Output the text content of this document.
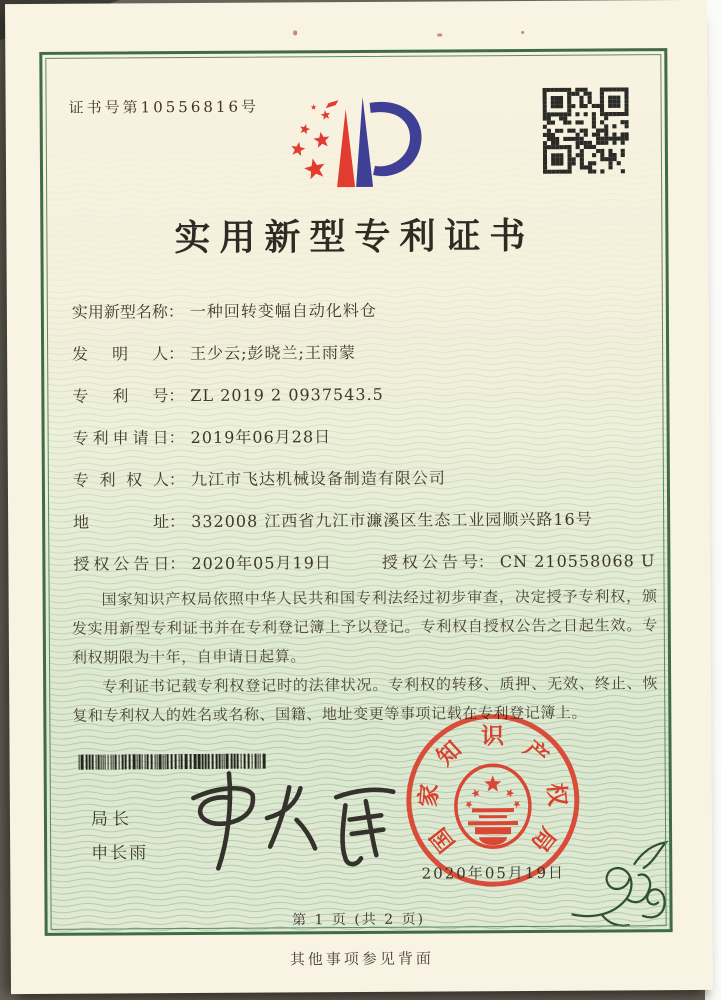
证书号第10556816号
实用新型专利证书
实用新型名称： 一种回转变幅自动化料仓
发明人： 王少云;彭晓兰;王雨蒙
专利号： ZL 2019 2 0937543.5
专利申请日： 2019年06月28日
专利权人： 九江市飞达机械设备制造有限公司
地址： 332008 江西省九江市濂溪区生态工业园顺兴路16号
授权公告日： 2020年05月19日	授权公告号： CN 210558068 U

国家知识产权局依照中华人民共和国专利法经过初步审查，决定授予专利权，颁发实用新型专利证书并在专利登记簿上予以登记。专利权自授权公告之日起生效。专利权期限为十年，自申请日起算。

专利证书记载专利权登记时的法律状况。专利权的转移、质押、无效、终止、恢复和专利权人的姓名或名称、国籍、地址变更等事项记载在专利登记簿上。

局长
申长雨	国
家
知 识 产
权
局
2020年05月19日
第 1 页 (共 2 页)
其他事项参见背面
